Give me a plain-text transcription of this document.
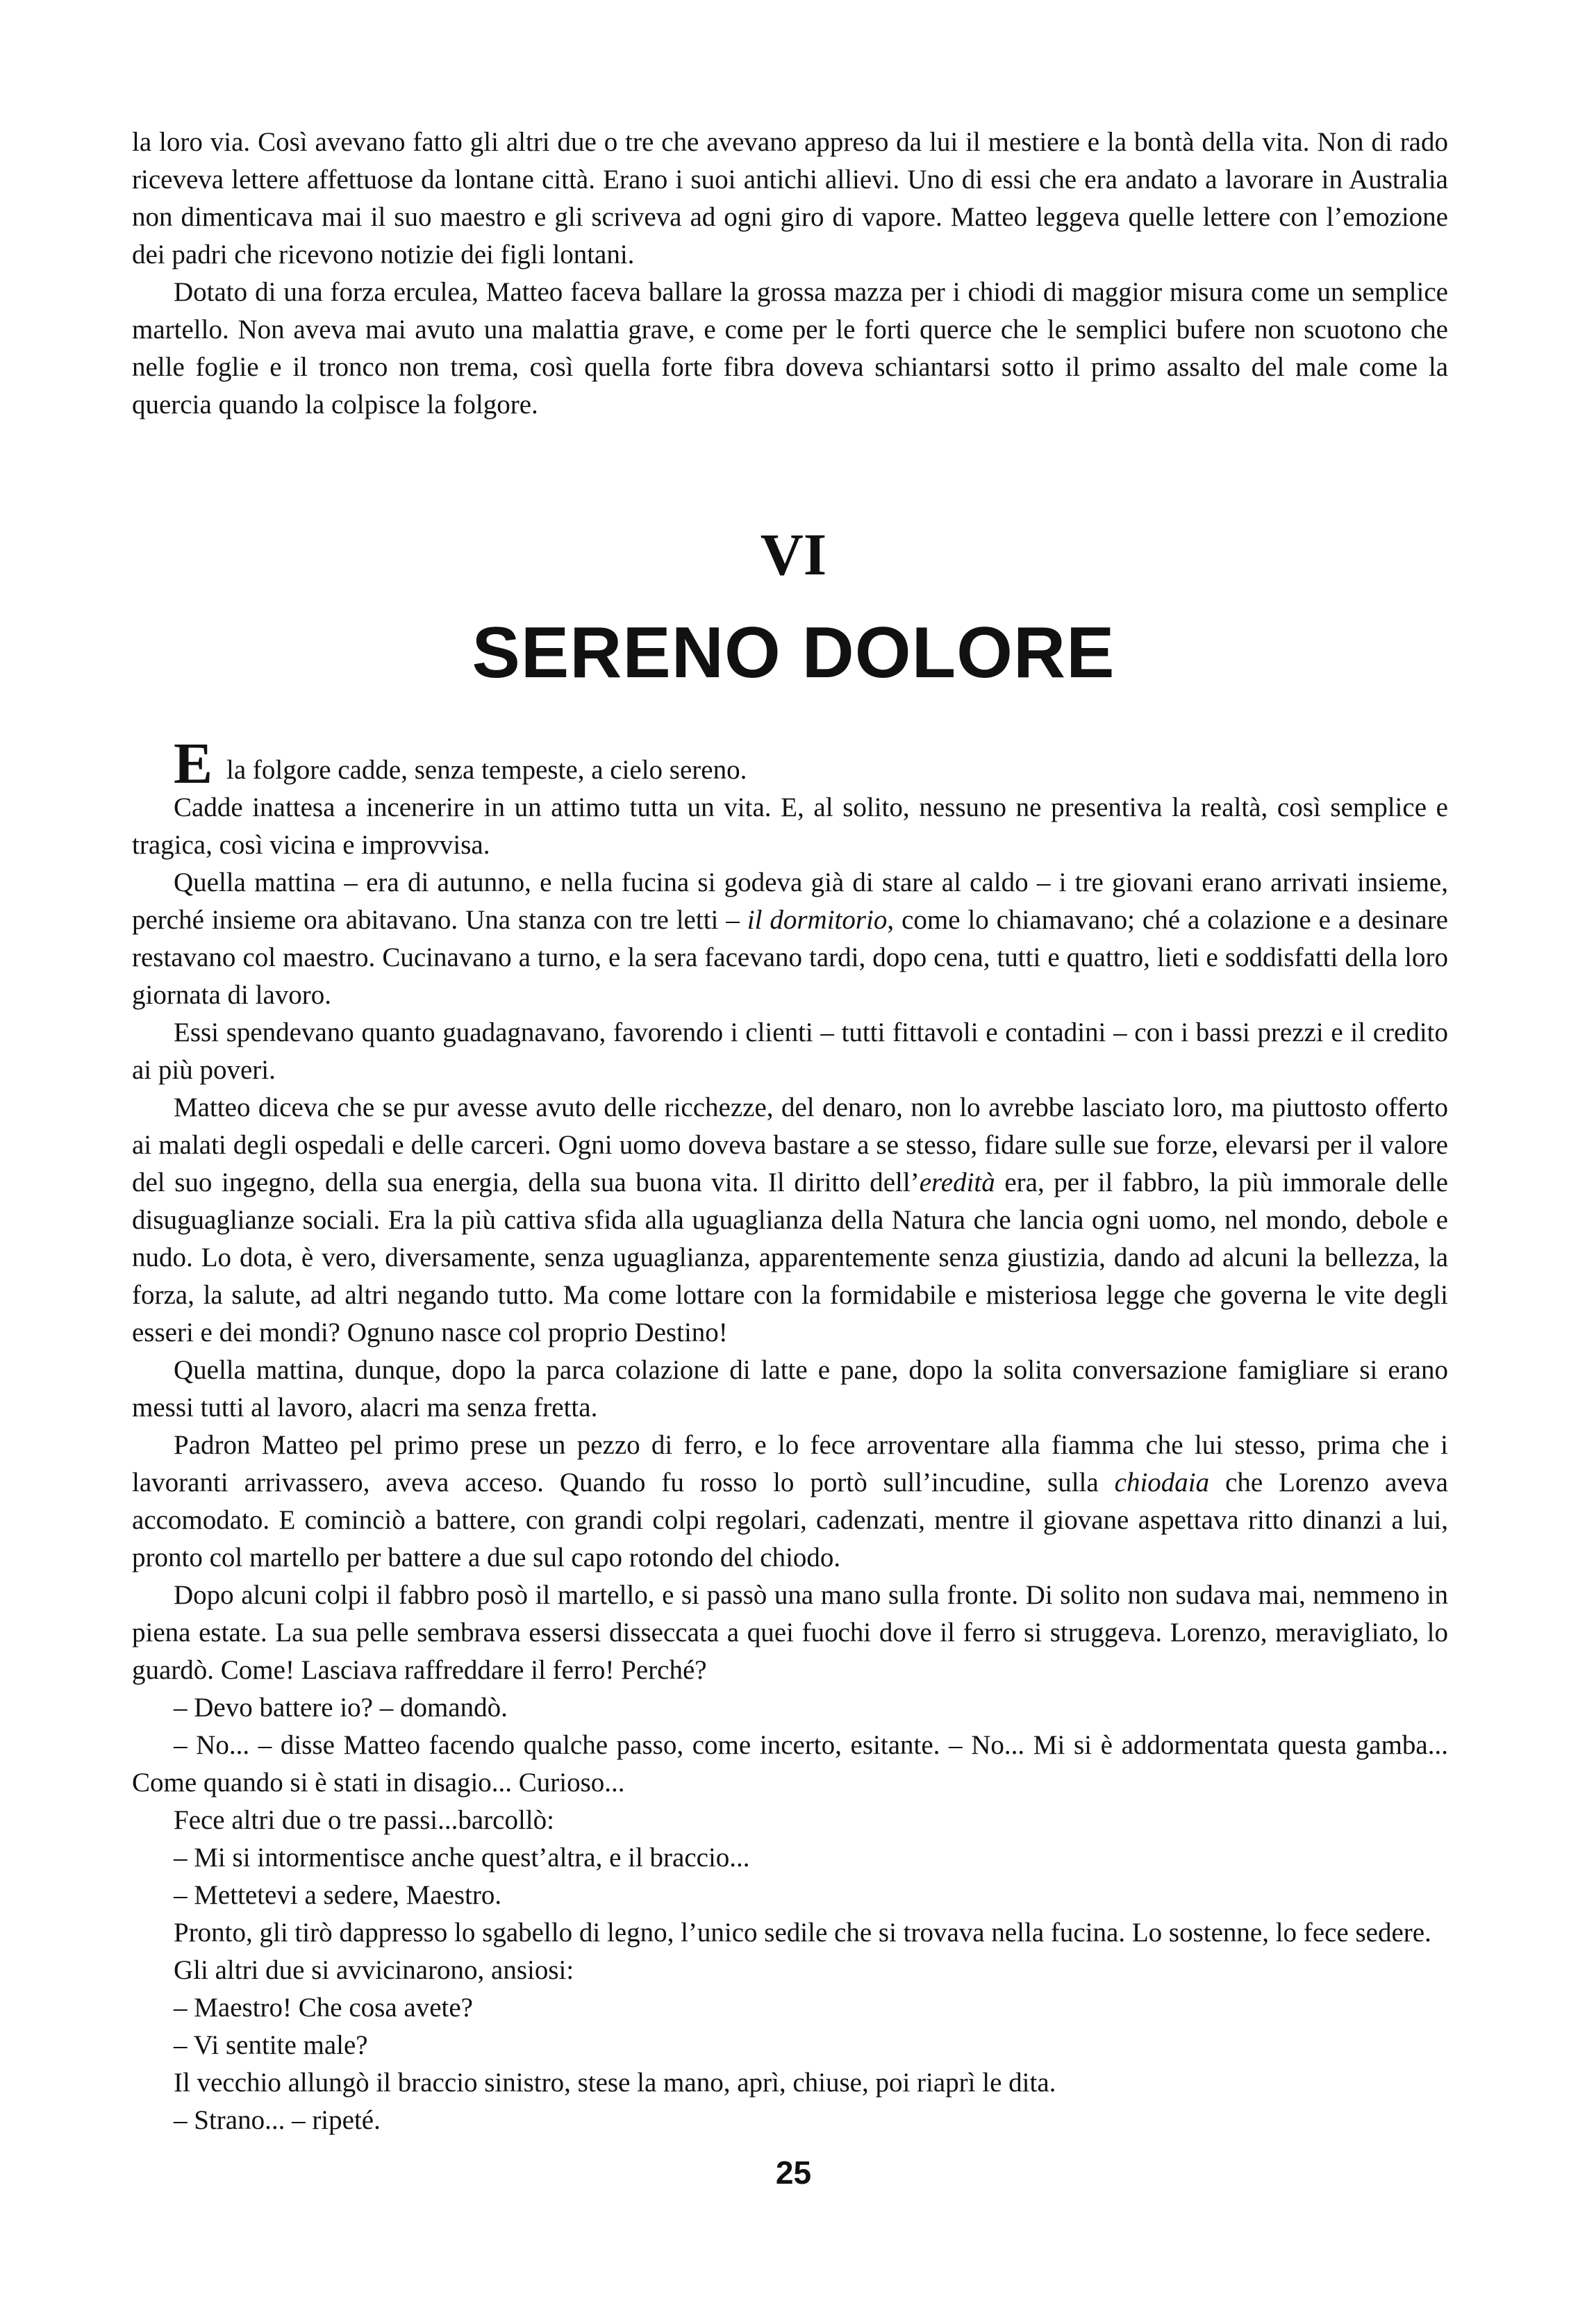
la loro via. Così avevano fatto gli altri due o tre che avevano appreso da lui il mestiere e la bontà della vita. Non di rado riceveva lettere affettuose da lontane città. Erano i suoi antichi allievi. Uno di essi che era andato a lavorare in Australia non dimenticava mai il suo maestro e gli scriveva ad ogni giro di vapore. Matteo leggeva quelle lettere con l’emozione dei padri che ricevono notizie dei figli lontani.

Dotato di una forza erculea, Matteo faceva ballare la grossa mazza per i chiodi di maggior misura come un semplice martello. Non aveva mai avuto una malattia grave, e come per le forti querce che le semplici bufere non scuotono che nelle foglie e il tronco non trema, così quella forte fibra doveva schiantarsi sotto il primo assalto del male come la quercia quando la colpisce la folgore.

VI
SERENO DOLORE

Ela folgore cadde, senza tempeste, a cielo sereno.

Cadde inattesa a incenerire in un attimo tutta un vita. E, al solito, nessuno ne presentiva la realtà, così semplice e tragica, così vicina e improvvisa.

Quella mattina – era di autunno, e nella fucina si godeva già di stare al caldo – i tre giovani erano arrivati insieme, perché insieme ora abitavano. Una stanza con tre letti – il dormitorio, come lo chiamavano; ché a colazione e a desinare restavano col maestro. Cucinavano a turno, e la sera facevano tardi, dopo cena, tutti e quattro, lieti e soddisfatti della loro giornata di lavoro.

Essi spendevano quanto guadagnavano, favorendo i clienti – tutti fittavoli e contadini – con i bassi prezzi e il credito ai più poveri.

Matteo diceva che se pur avesse avuto delle ricchezze, del denaro, non lo avrebbe lasciato loro, ma piuttosto offerto ai malati degli ospedali e delle carceri. Ogni uomo doveva bastare a se stesso, fidare sulle sue forze, elevarsi per il valore del suo ingegno, della sua energia, della sua buona vita. Il diritto dell’eredità era, per il fabbro, la più immorale delle disuguaglianze sociali. Era la più cattiva sfida alla uguaglianza della Natura che lancia ogni uomo, nel mondo, debole e nudo. Lo dota, è vero, diversamente, senza uguaglianza, apparentemente senza giustizia, dando ad alcuni la bellezza, la forza, la salute, ad altri negando tutto. Ma come lottare con la formidabile e misteriosa legge che governa le vite degli esseri e dei mondi? Ognuno nasce col proprio Destino!

Quella mattina, dunque, dopo la parca colazione di latte e pane, dopo la solita conversazione famigliare si erano messi tutti al lavoro, alacri ma senza fretta.

Padron Matteo pel primo prese un pezzo di ferro, e lo fece arroventare alla fiamma che lui stesso, prima che i lavoranti arrivassero, aveva acceso. Quando fu rosso lo portò sull’incudine, sulla chiodaia che Lorenzo aveva accomodato. E cominciò a battere, con grandi colpi regolari, cadenzati, mentre il giovane aspettava ritto dinanzi a lui, pronto col martello per battere a due sul capo rotondo del chiodo.

Dopo alcuni colpi il fabbro posò il martello, e si passò una mano sulla fronte. Di solito non sudava mai, nemmeno in piena estate. La sua pelle sembrava essersi disseccata a quei fuochi dove il ferro si struggeva. Lorenzo, meravigliato, lo guardò. Come! Lasciava raffreddare il ferro! Perché?

– Devo battere io? – domandò.

– No... – disse Matteo facendo qualche passo, come incerto, esitante. – No... Mi si è addormentata questa gamba... Come quando si è stati in disagio... Curioso...

Fece altri due o tre passi...barcollò:

– Mi si intormentisce anche quest’altra, e il braccio...

– Mettetevi a sedere, Maestro.

Pronto, gli tirò dappresso lo sgabello di legno, l’unico sedile che si trovava nella fucina. Lo sostenne, lo fece sedere.

Gli altri due si avvicinarono, ansiosi:

– Maestro! Che cosa avete?

– Vi sentite male?

Il vecchio allungò il braccio sinistro, stese la mano, aprì, chiuse, poi riaprì le dita.

– Strano... – ripeté.

25
